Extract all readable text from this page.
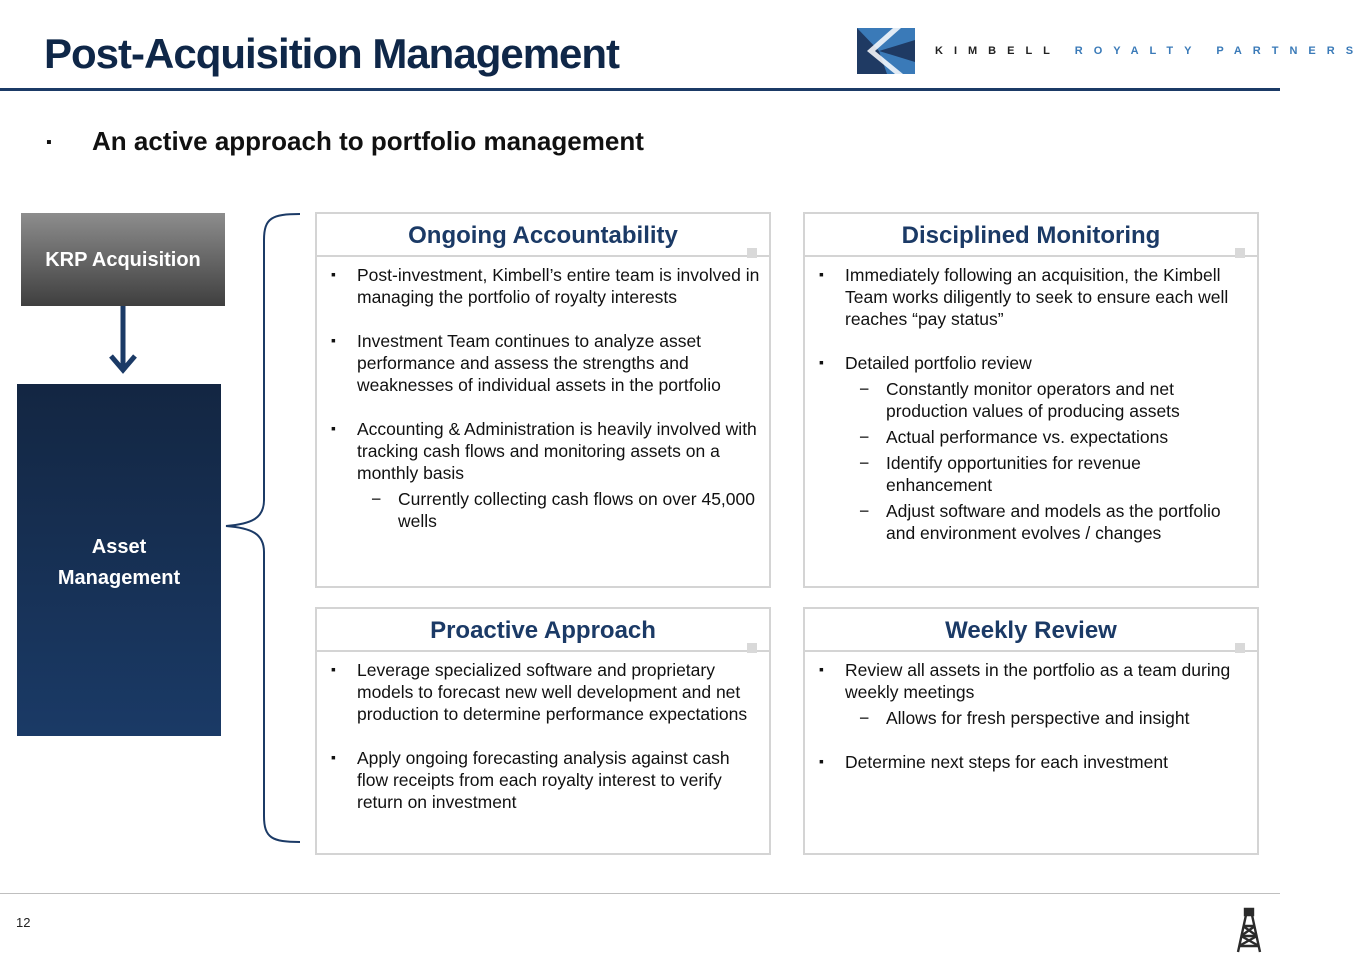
Post-Acquisition Management	KIMBELL ROYALTY PARTNERS
▪ An active approach to portfolio management
KRP Acquisition
Asset
Management
Ongoing Accountability
▪ Post-investment, Kimbell’s entire team is involved in managing the portfolio of royalty interests
▪ Investment Team continues to analyze asset performance and assess the strengths and weaknesses of individual assets in the portfolio
▪ Accounting & Administration is heavily involved with tracking cash flows and monitoring assets on a monthly basis
− Currently collecting cash flows on over 45,000 wells
Disciplined Monitoring
▪ Immediately following an acquisition, the Kimbell Team works diligently to seek to ensure each well reaches “pay status”
▪ Detailed portfolio review
− Constantly monitor operators and net production values of producing assets
− Actual performance vs. expectations
− Identify opportunities for revenue enhancement
− Adjust software and models as the portfolio and environment evolves / changes
Proactive Approach
▪ Leverage specialized software and proprietary models to forecast new well development and net production to determine performance expectations
▪ Apply ongoing forecasting analysis against cash flow receipts from each royalty interest to verify return on investment
Weekly Review
▪ Review all assets in the portfolio as a team during weekly meetings
− Allows for fresh perspective and insight
▪ Determine next steps for each investment
12
